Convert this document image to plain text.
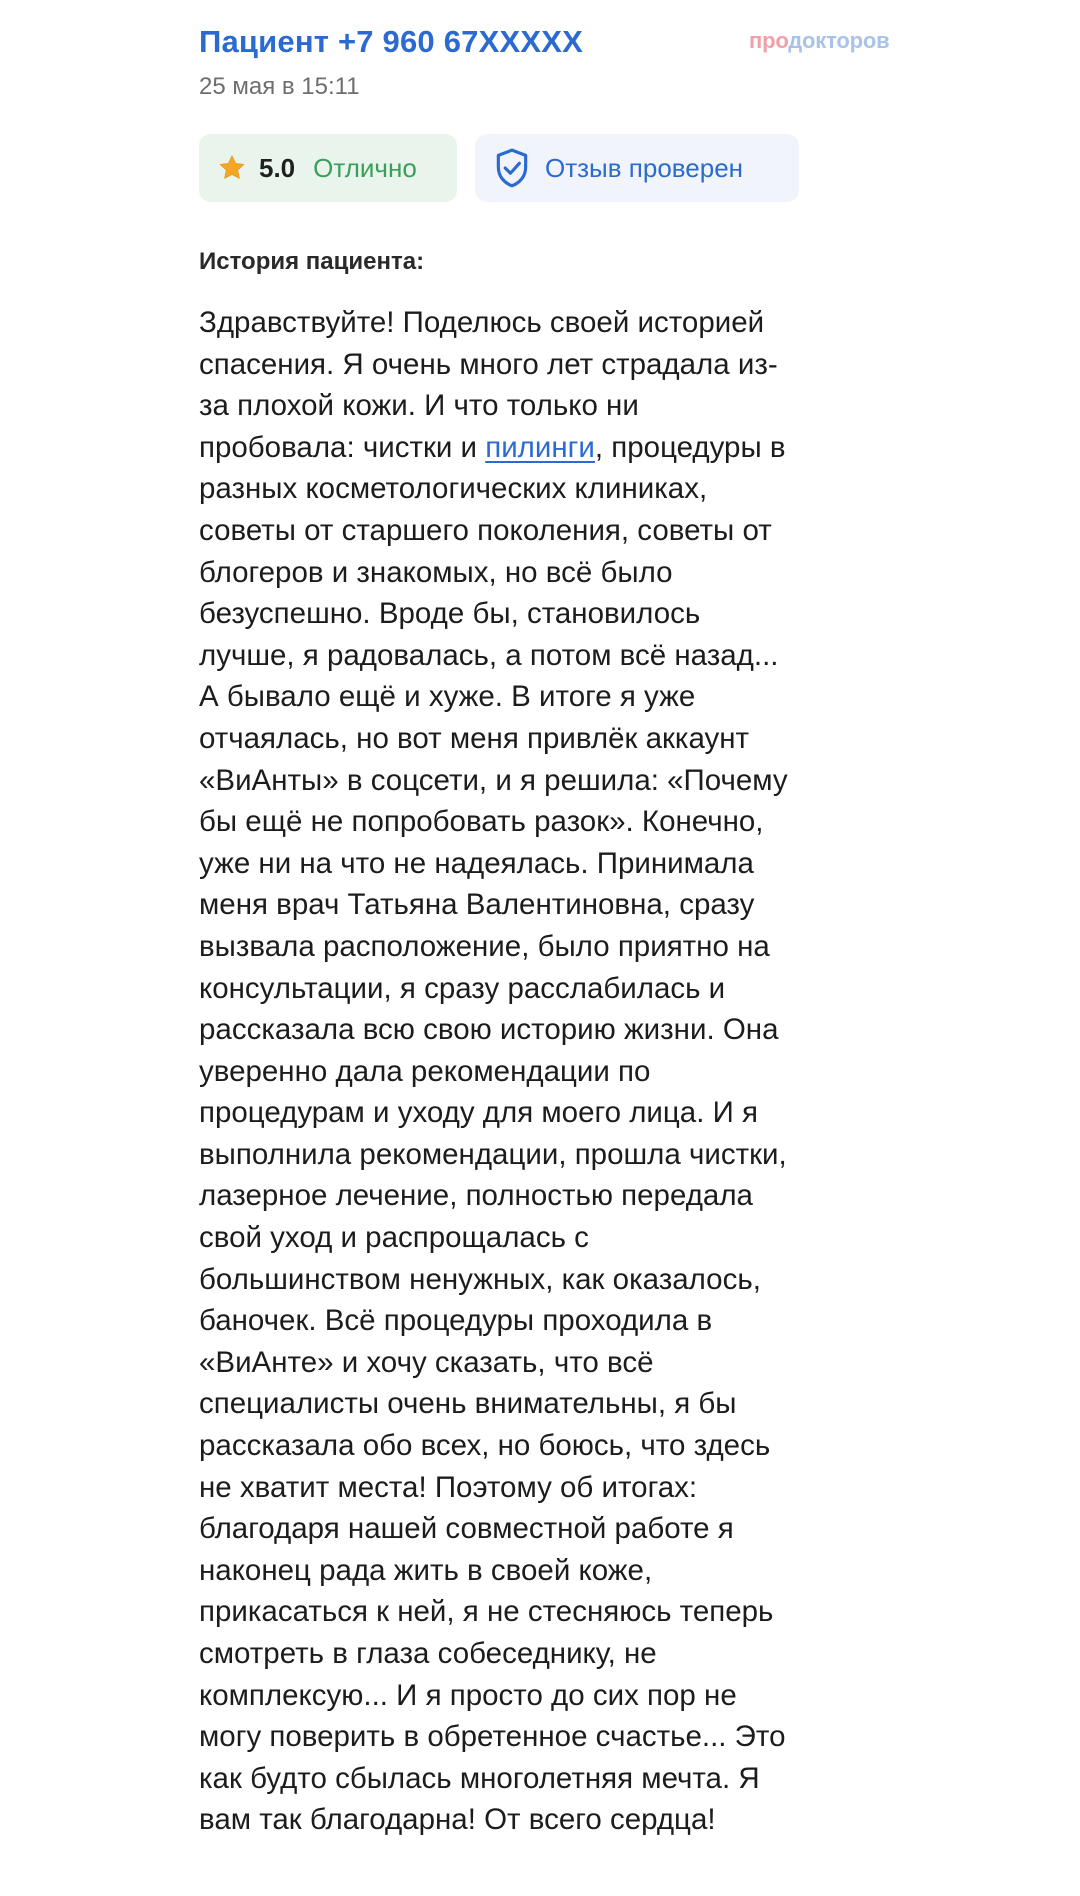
Пациент +7 960 67XXXXX
25 мая в 15:11
продокторов
5.0 Отлично	Отзыв проверен
История пациента:
Здравствуйте! Поделюсь своей историей
спасения. Я очень много лет страдала из-
за плохой кожи. И что только ни
пробовала: чистки и пилинги, процедуры в
разных косметологических клиниках,
советы от старшего поколения, советы от
блогеров и знакомых, но всё было
безуспешно. Вроде бы, становилось
лучше, я радовалась, а потом всё назад...
А бывало ещё и хуже. В итоге я уже
отчаялась, но вот меня привлёк аккаунт
«ВиАнты» в соцсети, и я решила: «Почему
бы ещё не попробовать разок». Конечно,
уже ни на что не надеялась. Принимала
меня врач Татьяна Валентиновна, сразу
вызвала расположение, было приятно на
консультации, я сразу расслабилась и
рассказала всю свою историю жизни. Она
уверенно дала рекомендации по
процедурам и уходу для моего лица. И я
выполнила рекомендации, прошла чистки,
лазерное лечение, полностью передала
свой уход и распрощалась с
большинством ненужных, как оказалось,
баночек. Всё процедуры проходила в
«ВиАнте» и хочу сказать, что всё
специалисты очень внимательны, я бы
рассказала обо всех, но боюсь, что здесь
не хватит места! Поэтому об итогах:
благодаря нашей совместной работе я
наконец рада жить в своей коже,
прикасаться к ней, я не стесняюсь теперь
смотреть в глаза собеседнику, не
комплексую... И я просто до сих пор не
могу поверить в обретенное счастье... Это
как будто сбылась многолетняя мечта. Я
вам так благодарна! От всего сердца!
